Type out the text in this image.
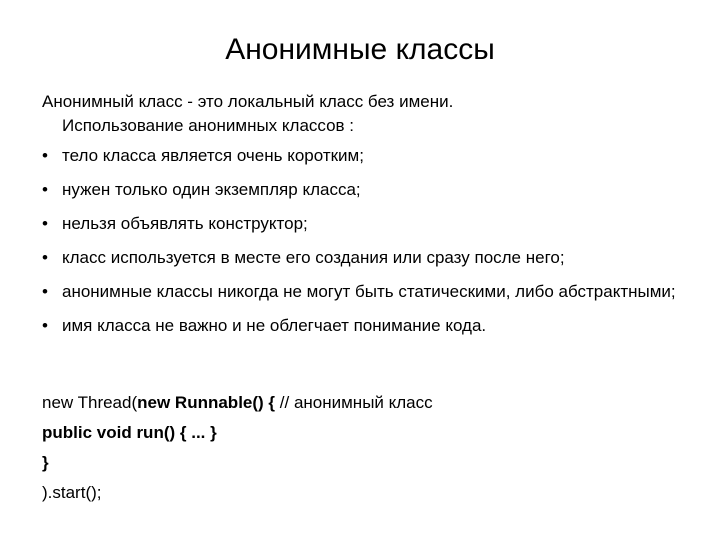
Анонимные классы

Анонимный класс - это локальный класс без имени.

Использование анонимных классов :

• тело класса является очень коротким;
• нужен только один экземпляр класса;
• нельзя объявлять конструктор;
• класс используется в месте его создания или сразу после него;
• анонимные классы никогда не могут быть статическими, либо абстрактными;
• имя класса не важно и не облегчает понимание кода.

new Thread(new Runnable() { // анонимный класс

public void run() { ... }

}

).start();
